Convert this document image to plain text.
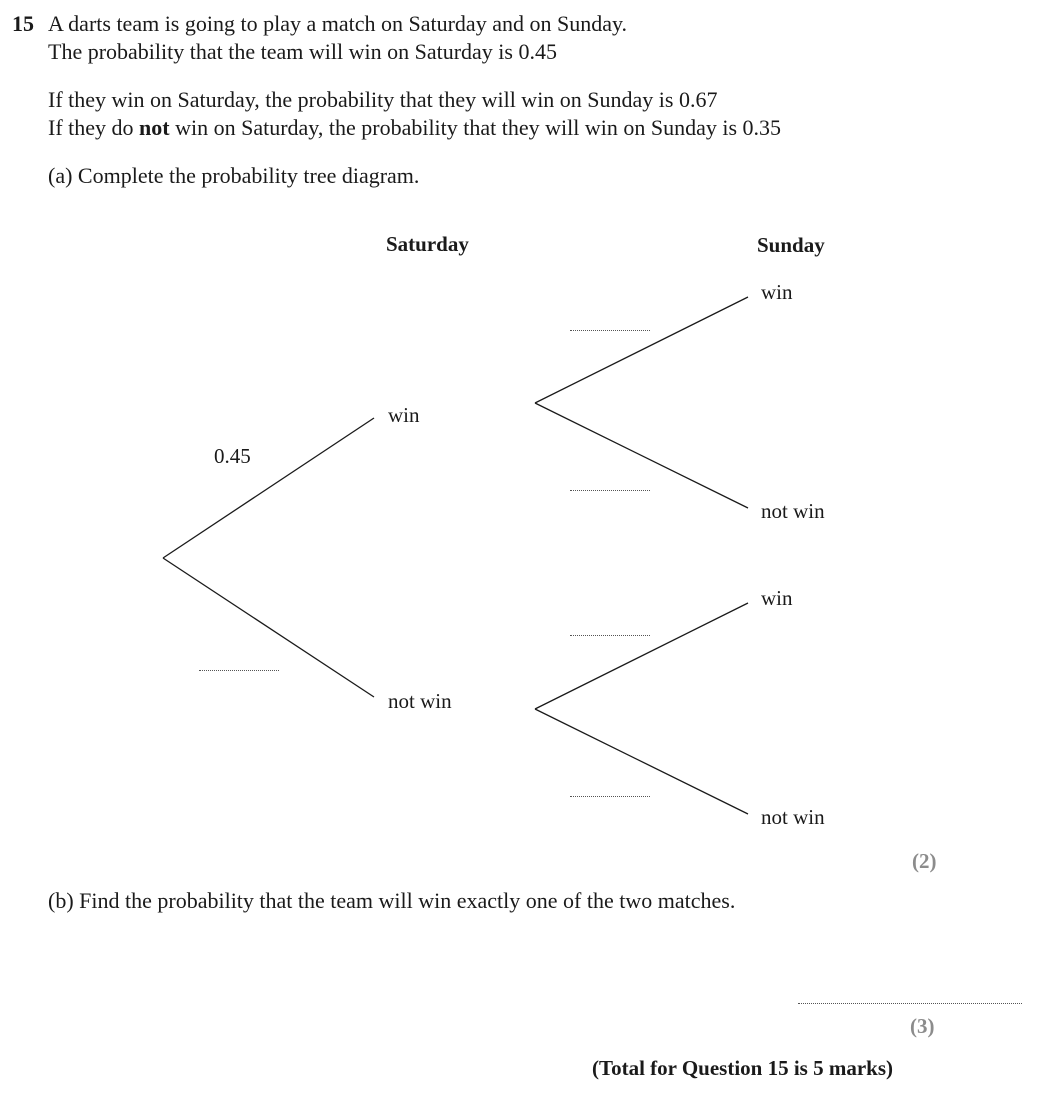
15 A darts team is going to play a match on Saturday and on Sunday.
The probability that the team will win on Saturday is 0.45
If they win on Saturday, the probability that they will win on Sunday is 0.67
If they do not win on Saturday, the probability that they will win on Sunday is 0.35
(a) Complete the probability tree diagram.
Saturday	Sunday
0.45
win
not win
win
not win
win
not win
(2)
(b) Find the probability that the team will win exactly one of the two matches.
(3)
(Total for Question 15 is 5 marks)
